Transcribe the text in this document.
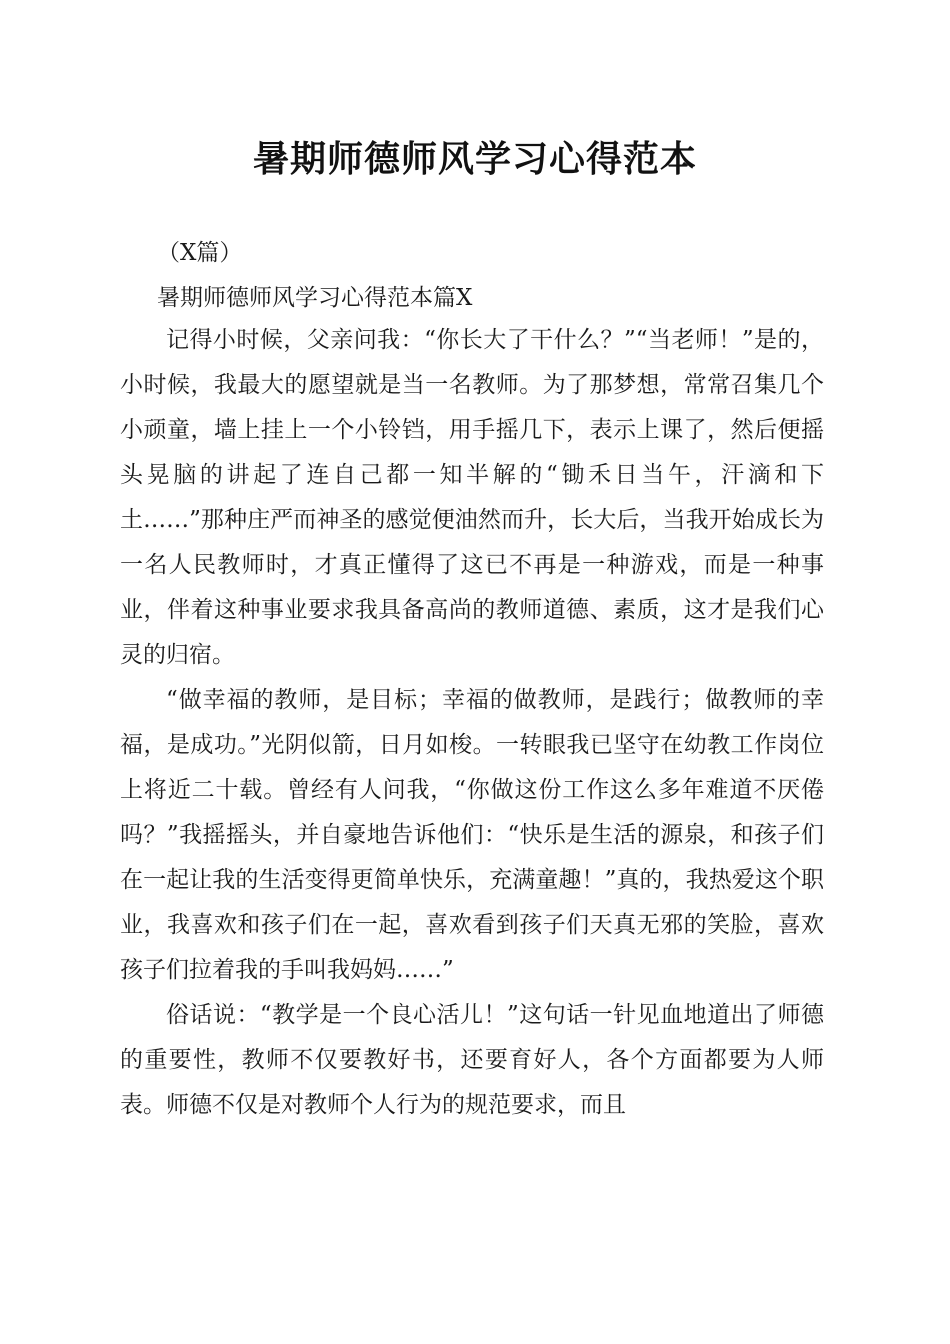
暑期师德师风学习心得范本
（X篇）
暑期师德师风学习心得范本篇X

记得小时候，父亲问我：“你长大了干什么？”“当老师！”是的，小时候，我最大的愿望就是当一名教师。为了那梦想，常常召集几个小顽童，墙上挂上一个小铃铛，用手摇几下，表示上课了，然后便摇头晃脑的讲起了连自己都一知半解的“锄禾日当午，汗滴和下土……”那种庄严而神圣的感觉便油然而升，长大后，当我开始成长为一名人民教师时，才真正懂得了这已不再是一种游戏，而是一种事业，伴着这种事业要求我具备高尚的教师道德、素质，这才是我们心灵的归宿。

“做幸福的教师，是目标；幸福的做教师，是践行；做教师的幸福，是成功。”光阴似箭，日月如梭。一转眼我已坚守在幼教工作岗位上将近二十载。曾经有人问我，“你做这份工作这么多年难道不厌倦吗？”我摇摇头，并自豪地告诉他们：“快乐是生活的源泉，和孩子们在一起让我的生活变得更简单快乐，充满童趣！”真的，我热爱这个职业，我喜欢和孩子们在一起，喜欢看到孩子们天真无邪的笑脸，喜欢孩子们拉着我的手叫我妈妈……”

俗话说：“教学是一个良心活儿！”这句话一针见血地道出了师德的重要性，教师不仅要教好书，还要育好人，各个方面都要为人师表。师德不仅是对教师个人行为的规范要求，而且
